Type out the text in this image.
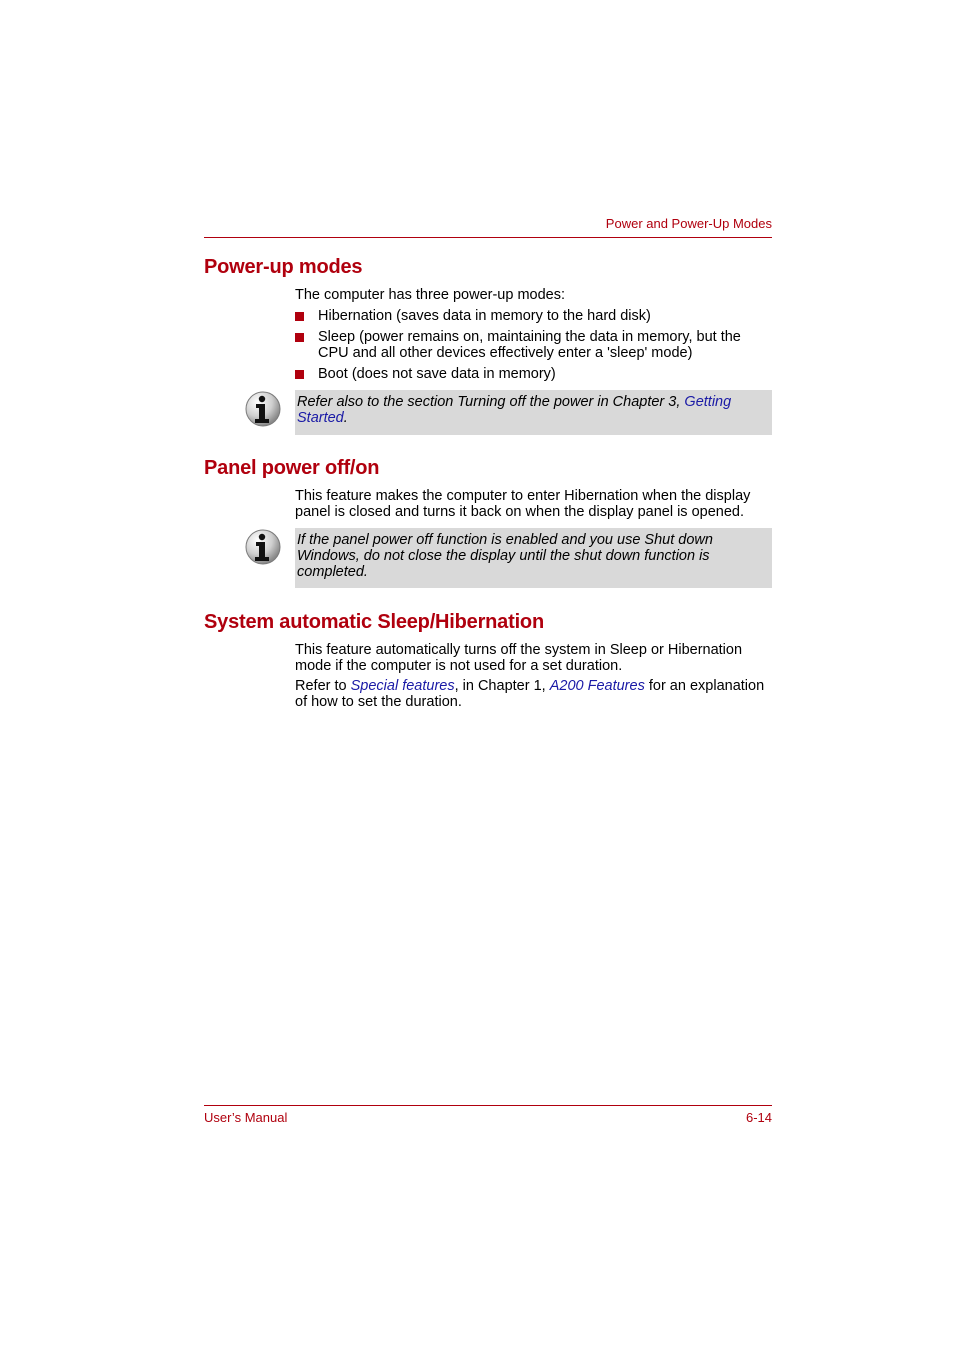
Power and Power-Up Modes
Power-up modes

The computer has three power-up modes:

Hibernation (saves data in memory to the hard disk)
Sleep (power remains on, maintaining the data in memory, but the CPU and all other devices effectively enter a 'sleep' mode)
Boot (does not save data in memory)
Refer also to the section Turning off the power in Chapter 3, Getting Started.
Panel power off/on

This feature makes the computer to enter Hibernation when the display panel is closed and turns it back on when the display panel is opened.

If the panel power off function is enabled and you use Shut down Windows, do not close the display until the shut down function is completed.
System automatic Sleep/Hibernation

This feature automatically turns off the system in Sleep or Hibernation mode if the computer is not used for a set duration.

Refer to Special features, in Chapter 1, A200 Features for an explanation of how to set the duration.

User’s Manual	6-14
